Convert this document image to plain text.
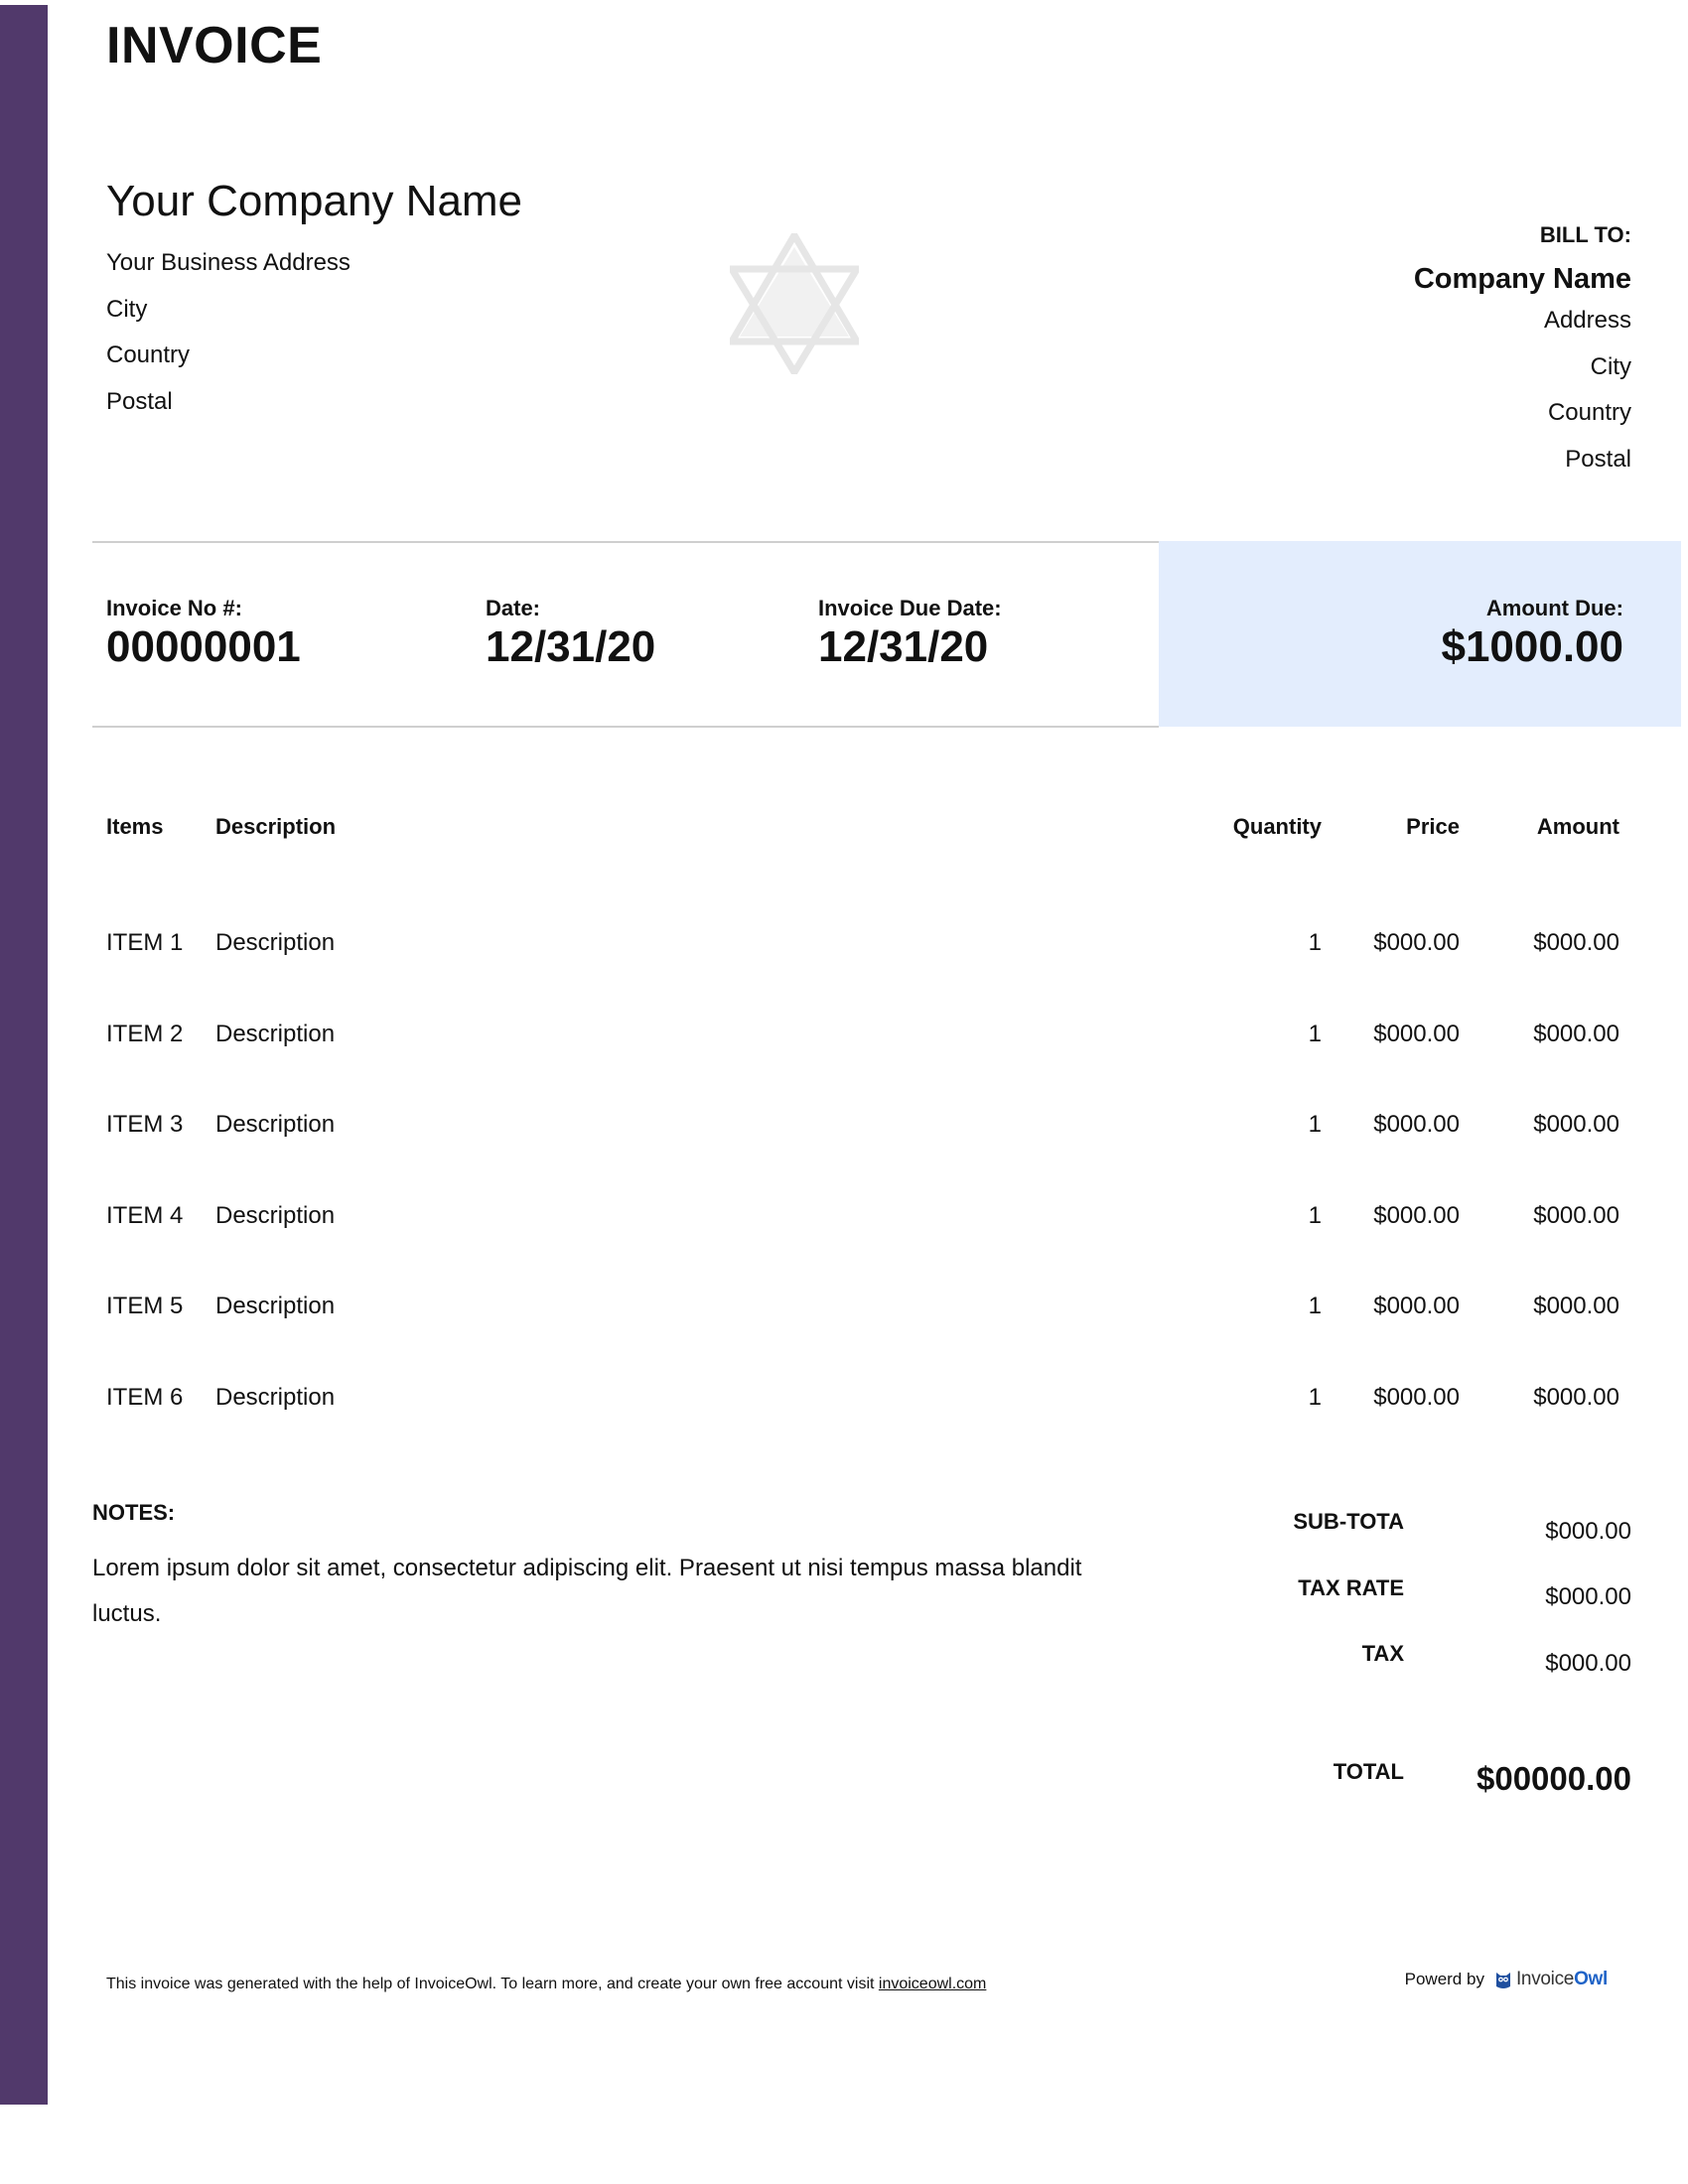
INVOICE
Your Company Name
Your Business Address
City
Country
Postal
BILL TO:
Company Name
Address
City
Country
Postal
Invoice No #:
00000001
Date:
12/31/20
Invoice Due Date:
12/31/20
Amount Due:
$1000.00
Items Description	Quantity	Price	Amount
ITEM 1 Description	1 $000.00	$000.00
ITEM 2 Description	1 $000.00	$000.00
ITEM 3 Description	1 $000.00	$000.00
ITEM 4 Description	1 $000.00	$000.00
ITEM 5 Description	1 $000.00	$000.00
ITEM 6 Description	1 $000.00	$000.00
NOTES:
Lorem ipsum dolor sit amet, consectetur adipiscing elit. Praesent ut nisi tempus massa blandit luctus.
SUB-TOTA	$000.00
TAX RATE	$000.00
TAX	$000.00
TOTAL $00000.00
This invoice was generated with the help of InvoiceOwl. To learn more, and create your own free account visit invoiceowl.com	Powerd by InvoiceOwl
